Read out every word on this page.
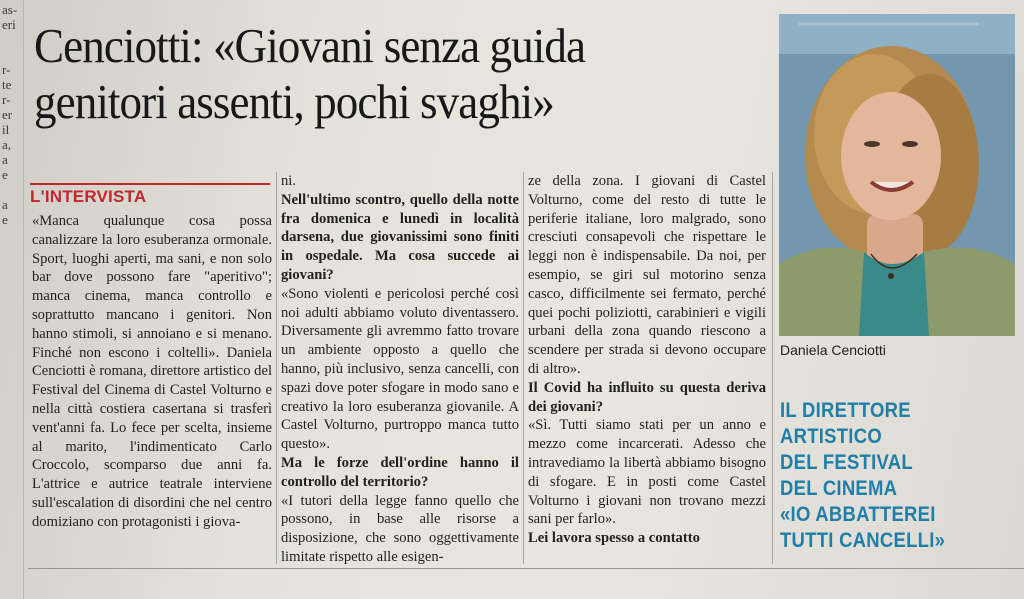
as-
eri

r-
te
r-
er
il
a,
a
e

a
e

Cenciotti: «Giovani senza guida
genitori assenti, pochi svaghi»
L'INTERVISTA

«Manca qualunque cosa possa canalizzare la loro esuberanza ormonale. Sport, luoghi aperti, ma sani, e non solo bar dove possono fare "aperitivo"; manca cinema, manca controllo e soprattutto mancano i genitori. Non hanno stimoli, si annoiano e si menano. Finché non escono i coltelli». Daniela Cenciotti è romana, direttore artistico del Festival del Cinema di Castel Volturno e nella città costiera casertana si trasferì vent'anni fa. Lo fece per scelta, insieme al marito, l'indimenticato Carlo Croccolo, scomparso due anni fa. L'attrice e autrice teatrale interviene sull'escalation di disordini che nel centro domiziano con protagonisti i giova-

ni.

Nell'ultimo scontro, quello della notte fra domenica e lunedì in località darsena, due giovanissimi sono finiti in ospedale. Ma cosa succede ai giovani?

«Sono violenti e pericolosi perché così noi adulti abbiamo voluto diventassero. Diversamente gli avremmo fatto trovare un ambiente opposto a quello che hanno, più inclusivo, senza cancelli, con spazi dove poter sfogare in modo sano e creativo la loro esuberanza giovanile. A Castel Volturno, purtroppo manca tutto questo».

Ma le forze dell'ordine hanno il controllo del territorio?

«I tutori della legge fanno quello che possono, in base alle risorse a disposizione, che sono oggettivamente limitate rispetto alle esigen-

ze della zona. I giovani di Castel Volturno, come del resto di tutte le periferie italiane, loro malgrado, sono cresciuti consapevoli che rispettare le leggi non è indispensabile. Da noi, per esempio, se giri sul motorino senza casco, difficilmente sei fermato, perché quei pochi poliziotti, carabinieri e vigili urbani della zona quando riescono a scendere per strada si devono occupare di altro».

Il Covid ha influito su questa deriva dei giovani?

«Sì. Tutti siamo stati per un anno e mezzo come incarcerati. Adesso che intravediamo la libertà abbiamo bisogno di sfogare. E in posti come Castel Volturno i giovani non trovano mezzi sani per farlo».

Lei lavora spesso a contatto

Daniela Cenciotti
IL DIRETTORE
ARTISTICO
DEL FESTIVAL
DEL CINEMA
«IO ABBATTEREI
TUTTI CANCELLI»
